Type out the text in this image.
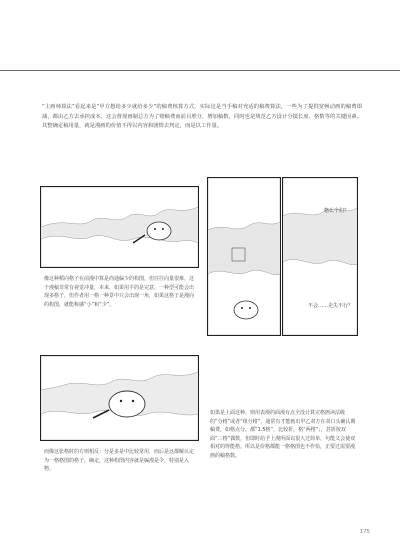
“主画师算法”看起来是“甲方想给多少就给多少”的稿费核算方式，实际这是当手稿对充适的稿费算法，一些为了提供宽畅动画的稿费即减，都由乙方去承担成本，这会督现画制总方为了赔稿费而前目胜分，增加稿数，同时也是规范乙方设计分镜长度、格数等的关键因素。其整确定稿用量，就是漫画的价值不得以内容和剧情去判定，而是以工作量。

像这种稻向格子在前漫中算是尚通偏少的构图，但往往向量很难。这个漫稿非常有视觉冲量，本来，如果用平的是完意，一种型可能会出现多格子，但作者用一格一种景中只会出现一角，如果这格子是漫向的构图，就能称感“小”和“少”。

而像这张格时的方则相反：分是多是中比较常用，而后是这都解认定为一格格图的格子。确定，这种构图内容就是编漫是令，特别是入物。

格么个们？
不会……走失不行？

如果是上面这种，则用表漫的面漫有点全没计算完格画读法级的“分格”或者“组分格”，通常有才能画出甲乙双方在双口头确认期稿费，如格点分。都“1.5格”，比较折，格“两格”；，甚折按双面“三格”偶数，但即时给予上漫所面以很大过简单，句能又会使双相对的得能格。所以是价格都能一格格图也不作恰，正要过需要漫画的稿格数。

175
